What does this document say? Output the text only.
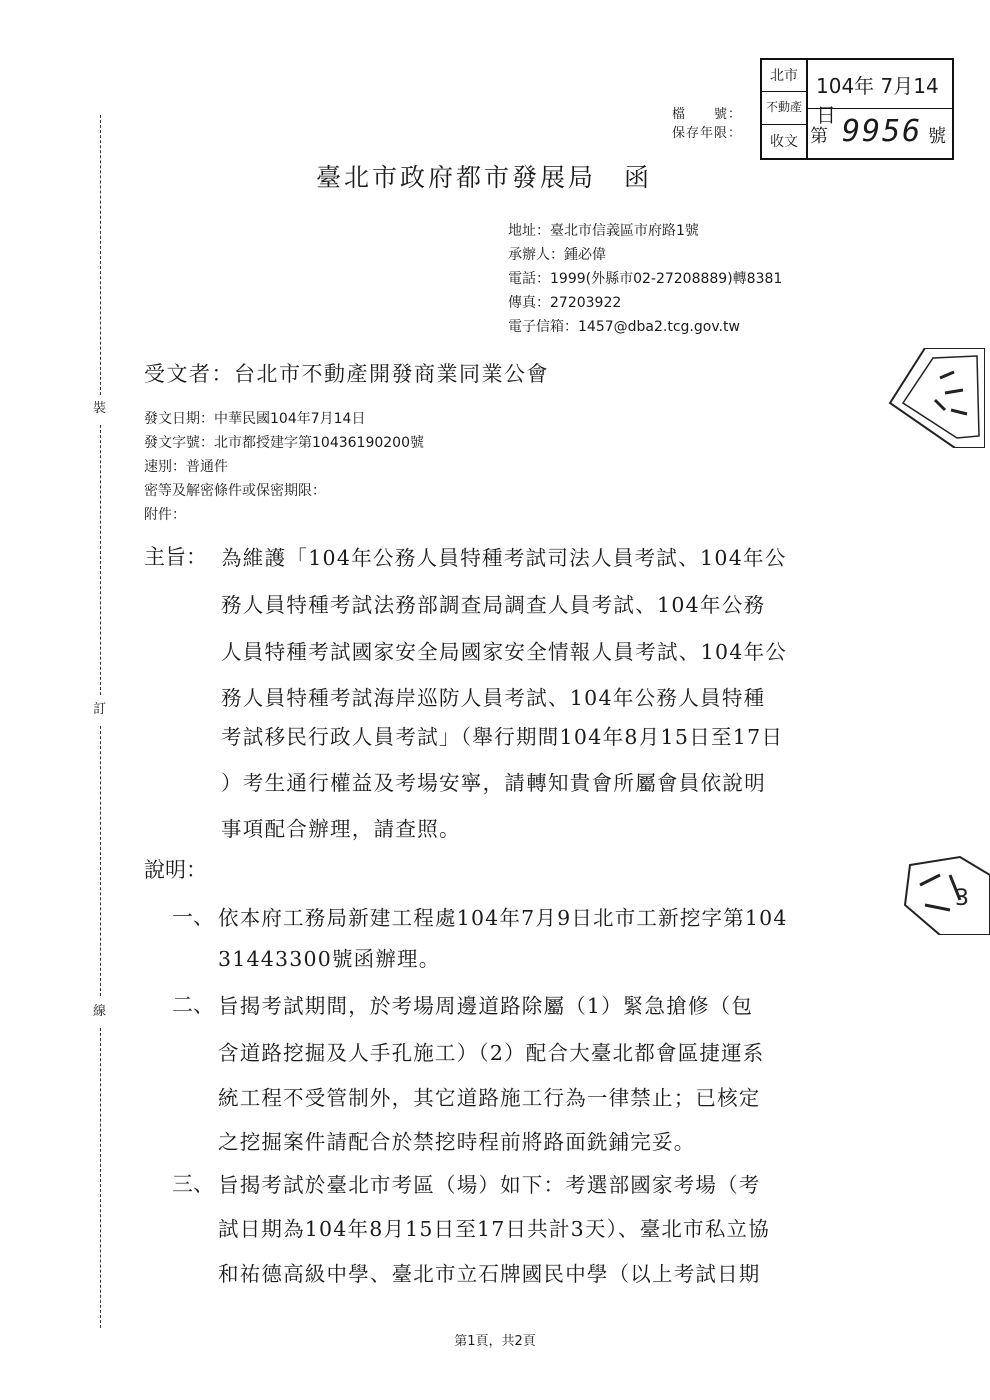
裝
訂
線
北市
不動產
收文
104年 7月14日
第 9956 號
檔　　號：
保存年限：
3
臺北市政府都市發展局　函
地址：臺北市信義區市府路1號
承辦人：鍾必偉
電話：1999(外縣市02-27208889)轉8381
傳真：27203922
電子信箱：1457@dba2.tcg.gov.tw
受文者：台北市不動產開發商業同業公會
發文日期：中華民國104年7月14日
發文字號：北市都授建字第10436190200號
速別：普通件
密等及解密條件或保密期限：
附件：
主旨： 為維護「104年公務人員特種考試司法人員考試、104年公
務人員特種考試法務部調查局調查人員考試、104年公務
人員特種考試國家安全局國家安全情報人員考試、104年公
務人員特種考試海岸巡防人員考試、104年公務人員特種
考試移民行政人員考試」（舉行期間104年8月15日至17日
）考生通行權益及考場安寧，請轉知貴會所屬會員依說明
事項配合辦理，請查照。
說明：
一、 依本府工務局新建工程處104年7月9日北市工新挖字第104
31443300號函辦理。
二、 旨揭考試期間，於考場周邊道路除屬（1）緊急搶修（包
含道路挖掘及人手孔施工）（2）配合大臺北都會區捷運系
統工程不受管制外，其它道路施工行為一律禁止；已核定
之挖掘案件請配合於禁挖時程前將路面銑鋪完妥。
三、 旨揭考試於臺北市考區（場）如下：考選部國家考場（考
試日期為104年8月15日至17日共計3天）、臺北市私立協
和祐德高級中學、臺北市立石牌國民中學（以上考試日期
第1頁，共2頁
